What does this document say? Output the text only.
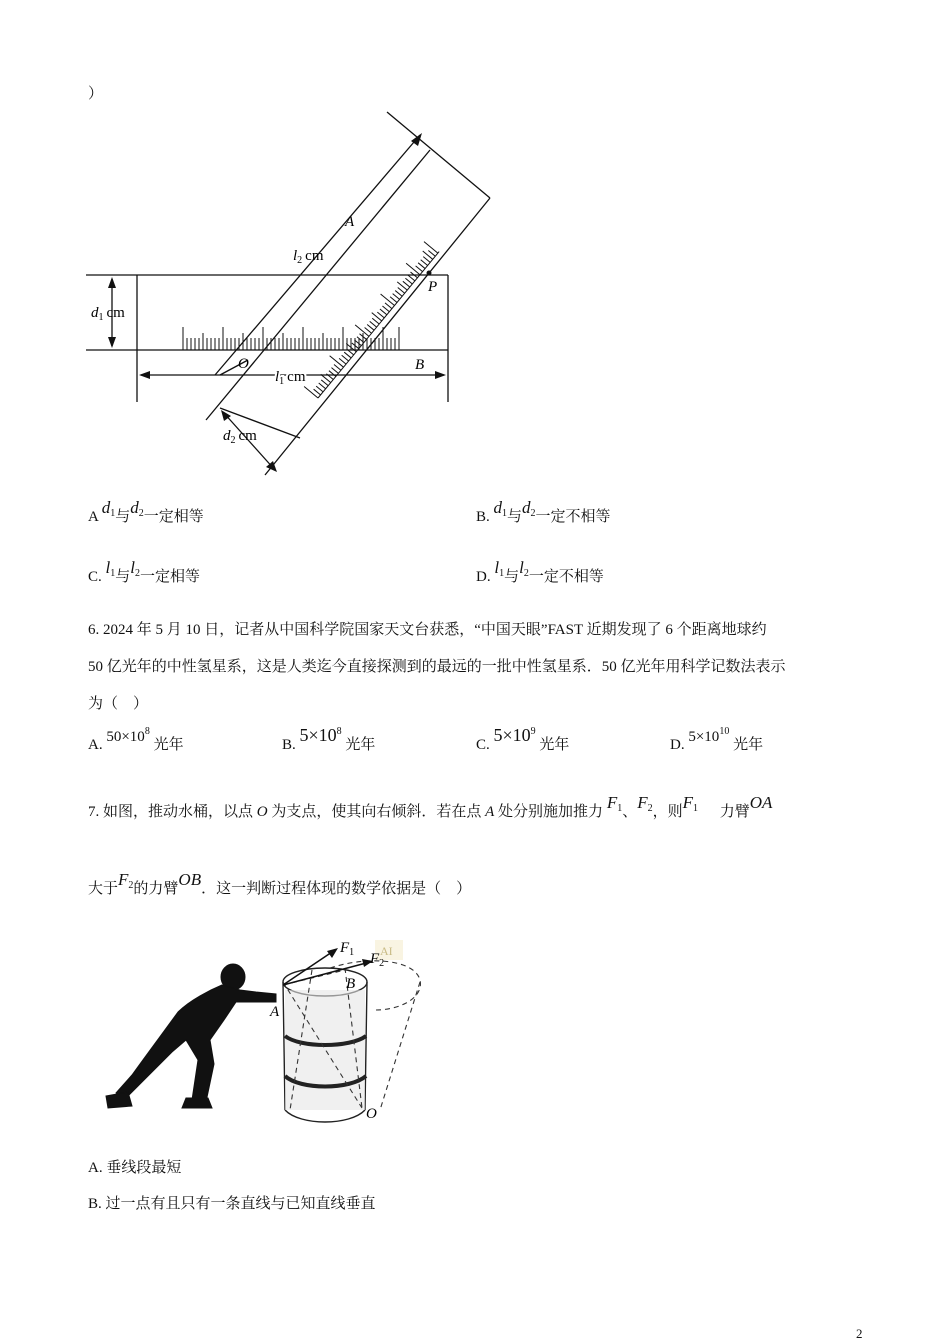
）
A
P
O	B
$l_2$ cm
$d_1$ cm
$l_1$ cm
$d_2$ cm
A $d_1$与$d_2$一定相等	B. $d_1$与$d_2$一定不相等
C. $l_1$与$l_2$一定相等	D. $l_1$与$l_2$一定不相等
6. 2024 年 5 月 10 日，记者从中国科学院国家天文台获悉，“中国天眼”FAST 近期发现了 6 个距离地球约
50 亿光年的中性氢星系，这是人类迄今直接探测到的最远的一批中性氢星系．50 亿光年用科学记数法表示
为（　）
A. $50\times 10^8$ 光年	B. $5\times 10^8$ 光年	C. $5\times 10^9$ 光年	D. $5\times 10^{10}$ 光年
7. 如图，推动水桶，以点 O 为支点，使其向右倾斜．若在点 A 处分别施加推力 $F_1$、$F_2$，则$F_1$ 力臂OA
大于$F_2$的力臂OB．这一判断过程体现的数学依据是（　）
AI
$F_1$ $F_2$
A
B
O
A. 垂线段最短
B. 过一点有且只有一条直线与已知直线垂直
2
